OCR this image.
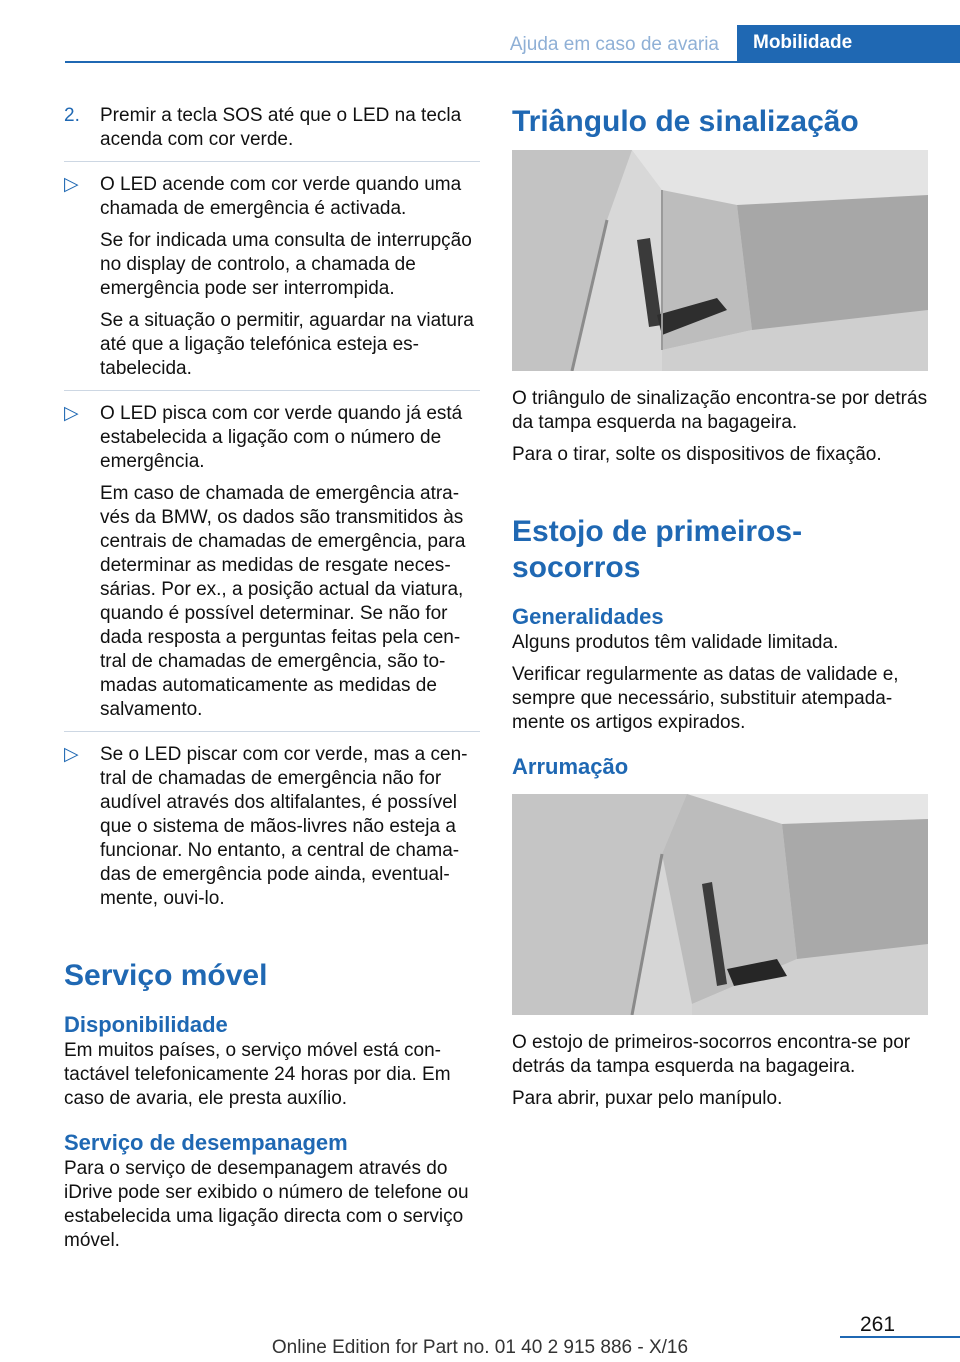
Ajuda em caso de avaria	Mobilidade
2. Premir a tecla SOS até que o LED na tecla acenda com cor verde.

▷ O LED acende com cor verde quando uma chamada de emergência é activada.

Se for indicada uma consulta de interrupção no display de controlo, a chamada de emergência pode ser interrompida.

Se a situação o permitir, aguardar na viatura até que a ligação telefónica esteja estabelecida.

▷ O LED pisca com cor verde quando já está estabelecida a ligação com o número de emergência.

Em caso de chamada de emergência através da BMW, os dados são transmitidos às centrais de chamadas de emergência, para determinar as medidas de resgate necessárias. Por ex., a posição actual da viatura, quando é possível determinar. Se não for dada resposta a perguntas feitas pela central de chamadas de emergência, são tomadas automaticamente as medidas de salvamento.

▷ Se o LED piscar com cor verde, mas a central de chamadas de emergência não for audível através dos altifalantes, é possível que o sistema de mãos-livres não esteja a funcionar. No entanto, a central de chamadas de emergência pode ainda, eventualmente, ouvi-lo.

Serviço móvel
Disponibilidade

Em muitos países, o serviço móvel está contactável telefonicamente 24 horas por dia. Em caso de avaria, ele presta auxílio.

Serviço de desempanagem

Para o serviço de desempanagem através do iDrive pode ser exibido o número de telefone ou estabelecida uma ligação directa com o serviço móvel.

Triângulo de sinalização

O triângulo de sinalização encontra-se por detrás da tampa esquerda na bagageira.

Para o tirar, solte os dispositivos de fixação.

Estojo de primeiros-socorros
Generalidades

Alguns produtos têm validade limitada.

Verificar regularmente as datas de validade e, sempre que necessário, substituir atempadamente os artigos expirados.

Arrumação

O estojo de primeiros-socorros encontra-se por detrás da tampa esquerda na bagageira.

Para abrir, puxar pelo manípulo.

261
Online Edition for Part no. 01 40 2 915 886 - X/16
